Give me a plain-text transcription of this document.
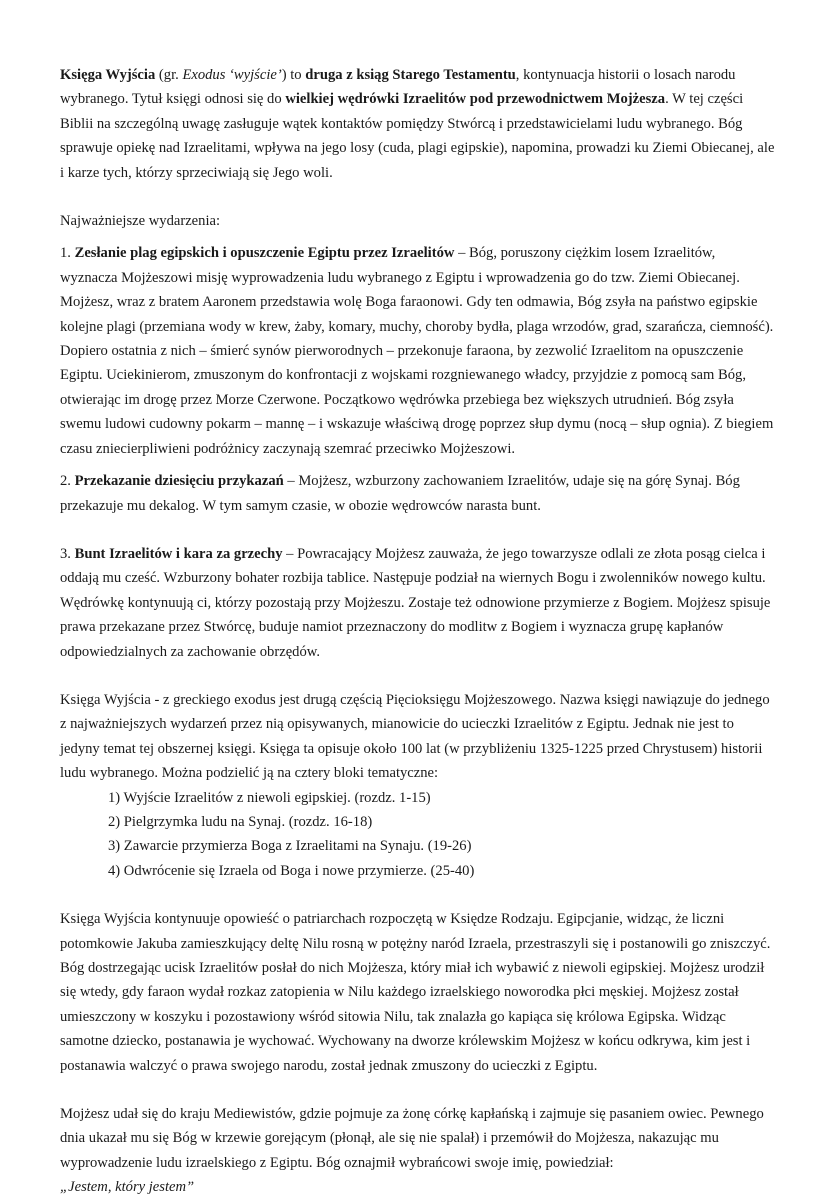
Księga Wyjścia (gr. Exodus ‘wyjście’) to druga z ksiąg Starego Testamentu, kontynuacja historii o losach narodu wybranego. Tytuł księgi odnosi się do wielkiej wędrówki Izraelitów pod przewodnictwem Mojżesza. W tej części Biblii na szczególną uwagę zasługuje wątek kontaktów pomiędzy Stwórcą i przedstawicielami ludu wybranego. Bóg sprawuje opiekę nad Izraelitami, wpływa na jego losy (cuda, plagi egipskie), napomina, prowadzi ku Ziemi Obiecanej, ale i karze tych, którzy sprzeciwiają się Jego woli.

Najważniejsze wydarzenia:

1. Zesłanie plag egipskich i opuszczenie Egiptu przez Izraelitów – Bóg, poruszony ciężkim losem Izraelitów, wyznacza Mojżeszowi misję wyprowadzenia ludu wybranego z Egiptu i wprowadzenia go do tzw. Ziemi Obiecanej. Mojżesz, wraz z bratem Aaronem przedstawia wolę Boga faraonowi. Gdy ten odmawia, Bóg zsyła na państwo egipskie kolejne plagi (przemiana wody w krew, żaby, komary, muchy, choroby bydła, plaga wrzodów, grad, szarańcza, ciemność). Dopiero ostatnia z nich – śmierć synów pierworodnych – przekonuje faraona, by zezwolić Izraelitom na opuszczenie Egiptu. Uciekinierom, zmuszonym do konfrontacji z wojskami rozgniewanego władcy, przyjdzie z pomocą sam Bóg, otwierając im drogę przez Morze Czerwone. Początkowo wędrówka przebiega bez większych utrudnień. Bóg zsyła swemu ludowi cudowny pokarm – mannę – i wskazuje właściwą drogę poprzez słup dymu (nocą – słup ognia). Z biegiem czasu zniecierpliwieni podróżnicy zaczynają szemrać przeciwko Mojżeszowi.

2. Przekazanie dziesięciu przykazań – Mojżesz, wzburzony zachowaniem Izraelitów, udaje się na górę Synaj. Bóg przekazuje mu dekalog. W tym samym czasie, w obozie wędrowców narasta bunt.

3. Bunt Izraelitów i kara za grzechy – Powracający Mojżesz zauważa, że jego towarzysze odlali ze złota posąg cielca i oddają mu cześć. Wzburzony bohater rozbija tablice. Następuje podział na wiernych Bogu i zwolenników nowego kultu. Wędrówkę kontynuują ci, którzy pozostają przy Mojżeszu. Zostaje też odnowione przymierze z Bogiem. Mojżesz spisuje prawa przekazane przez Stwórcę, buduje namiot przeznaczony do modlitw z Bogiem i wyznacza grupę kapłanów odpowiedzialnych za zachowanie obrzędów.

Księga Wyjścia - z greckiego exodus jest drugą częścią Pięcioksięgu Mojżeszowego. Nazwa księgi nawiązuje do jednego z najważniejszych wydarzeń przez nią opisywanych, mianowicie do ucieczki Izraelitów z Egiptu. Jednak nie jest to jedyny temat tej obszernej księgi. Księga ta opisuje około 100 lat (w przybliżeniu 1325-1225 przed Chrystusem) historii ludu wybranego. Można podzielić ją na cztery bloki tematyczne:

1) Wyjście Izraelitów z niewoli egipskiej. (rozdz. 1-15)

2) Pielgrzymka ludu na Synaj. (rozdz. 16-18)

3) Zawarcie przymierza Boga z Izraelitami na Synaju. (19-26)

4) Odwrócenie się Izraela od Boga i nowe przymierze. (25-40)

Księga Wyjścia kontynuuje opowieść o patriarchach rozpoczętą w Księdze Rodzaju. Egipcjanie, widząc, że liczni potomkowie Jakuba zamieszkujący deltę Nilu rosną w potężny naród Izraela, przestraszyli się i postanowili go zniszczyć. Bóg dostrzegając ucisk Izraelitów posłał do nich Mojżesza, który miał ich wybawić z niewoli egipskiej. Mojżesz urodził się wtedy, gdy faraon wydał rozkaz zatopienia w Nilu każdego izraelskiego noworodka płci męskiej. Mojżesz został umieszczony w koszyku i pozostawiony wśród sitowia Nilu, tak znalazła go kapiąca się królowa Egipska. Widząc samotne dziecko, postanawia je wychować. Wychowany na dworze królewskim Mojżesz w końcu odkrywa, kim jest i postanawia walczyć o prawa swojego narodu, został jednak zmuszony do ucieczki z Egiptu.

Mojżesz udał się do kraju Mediewistów, gdzie pojmuje za żonę córkę kapłańską i zajmuje się pasaniem owiec. Pewnego dnia ukazał mu się Bóg w krzewie gorejącym (płonął, ale się nie spalał) i przemówił do Mojżesza, nakazując mu wyprowadzenie ludu izraelskiego z Egiptu. Bóg oznajmił wybrańcowi swoje imię, powiedział:
„Jestem, który jestem”
